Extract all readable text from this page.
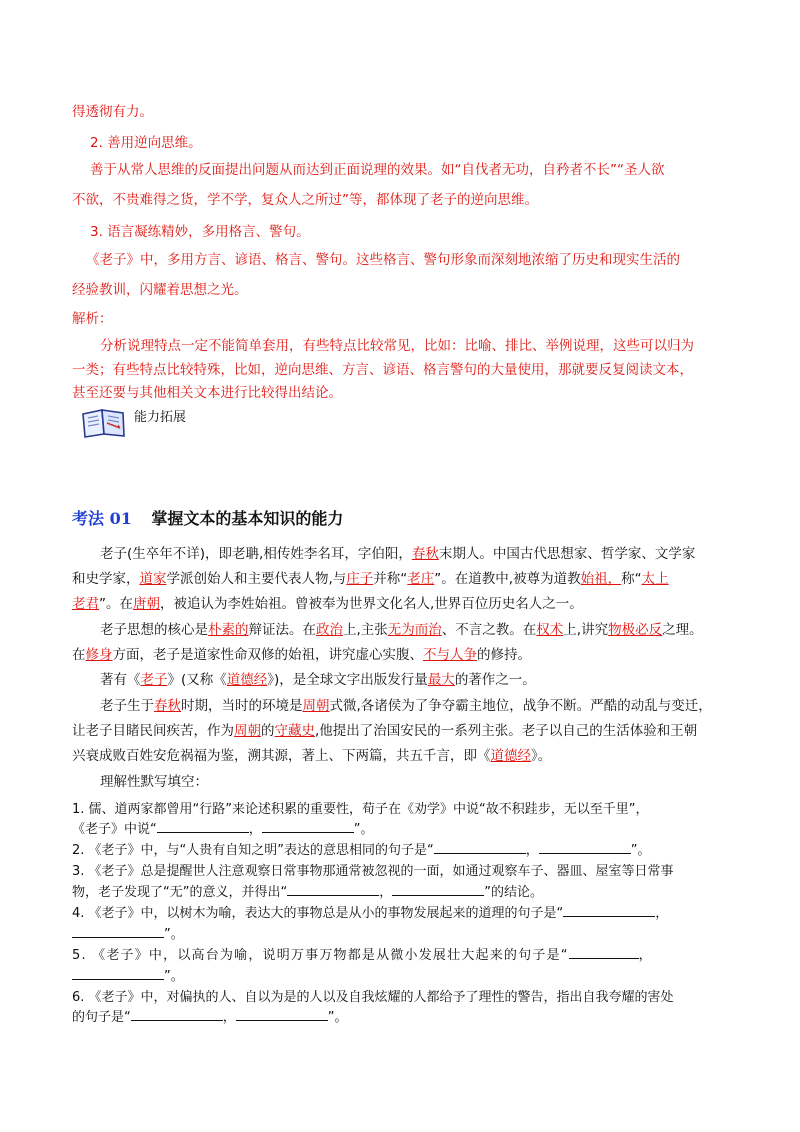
得透彻有力。
2. 善用逆向思维。
善于从常人思维的反面提出问题从而达到正面说理的效果。如“自伐者无功，自矜者不长”“圣人欲
不欲，不贵难得之货，学不学，复众人之所过”等，都体现了老子的逆向思维。
3. 语言凝练精妙，多用格言、警句。
《老子》中，多用方言、谚语、格言、警句。这些格言、警句形象而深刻地浓缩了历史和现实生活的
经验教训，闪耀着思想之光。
解析：
分析说理特点一定不能简单套用，有些特点比较常见，比如：比喻、排比、举例说理，这些可以归为
一类；有些特点比较特殊，比如，逆向思维、方言、谚语、格言警句的大量使用，那就要反复阅读文本，
甚至还要与其他相关文本进行比较得出结论。
能力拓展
考法 01 掌握文本的基本知识的能力
老子(生卒年不详)，即老聃,相传姓李名耳，字伯阳，春秋末期人。中国古代思想家、哲学家、文学家
和史学家，道家学派创始人和主要代表人物,与庄子并称“老庄”。在道教中,被尊为道教始祖，称“太上
老君”。在唐朝，被追认为李姓始祖。曾被奉为世界文化名人,世界百位历史名人之一。
老子思想的核心是朴素的辩证法。在政治上,主张无为而治、不言之教。在权术上,讲究物极必反之理。
在修身方面，老子是道家性命双修的始祖，讲究虚心实腹、不与人争的修持。
著有《老子》(又称《道德经》)，是全球文字出版发行量最大的著作之一。
老子生于春秋时期，当时的环境是周朝式微,各诸侯为了争夺霸主地位，战争不断。严酷的动乱与变迁，
让老子目睹民间疾苦，作为周朝的守藏史,他提出了治国安民的一系列主张。老子以自己的生活体验和王朝
兴衰成败百姓安危祸福为鉴，溯其源，著上、下两篇，共五千言，即《道德经》。
理解性默写填空：
1. 儒、道两家都曾用“行路”来论述积累的重要性，荀子在《劝学》中说“故不积跬步，无以至千里”，
《老子》中说“	，	”。
2. 《老子》中，与“人贵有自知之明”表达的意思相同的句子是“	，	”。
3. 《老子》总是提醒世人注意观察日常事物那通常被忽视的一面，如通过观察车子、器皿、屋室等日常事
物，老子发现了“无”的意义，并得出“	，	”的结论。
4. 《老子》中，以树木为喻，表达大的事物总是从小的事物发展起来的道理的句子是“	，
”。
5. 《老子》中，以高台为喻，说明万事万物都是从微小发展壮大起来的句子是“	，
”。
6. 《老子》中，对偏执的人、自以为是的人以及自我炫耀的人都给予了理性的警告，指出自我夸耀的害处
的句子是“	，	”。
